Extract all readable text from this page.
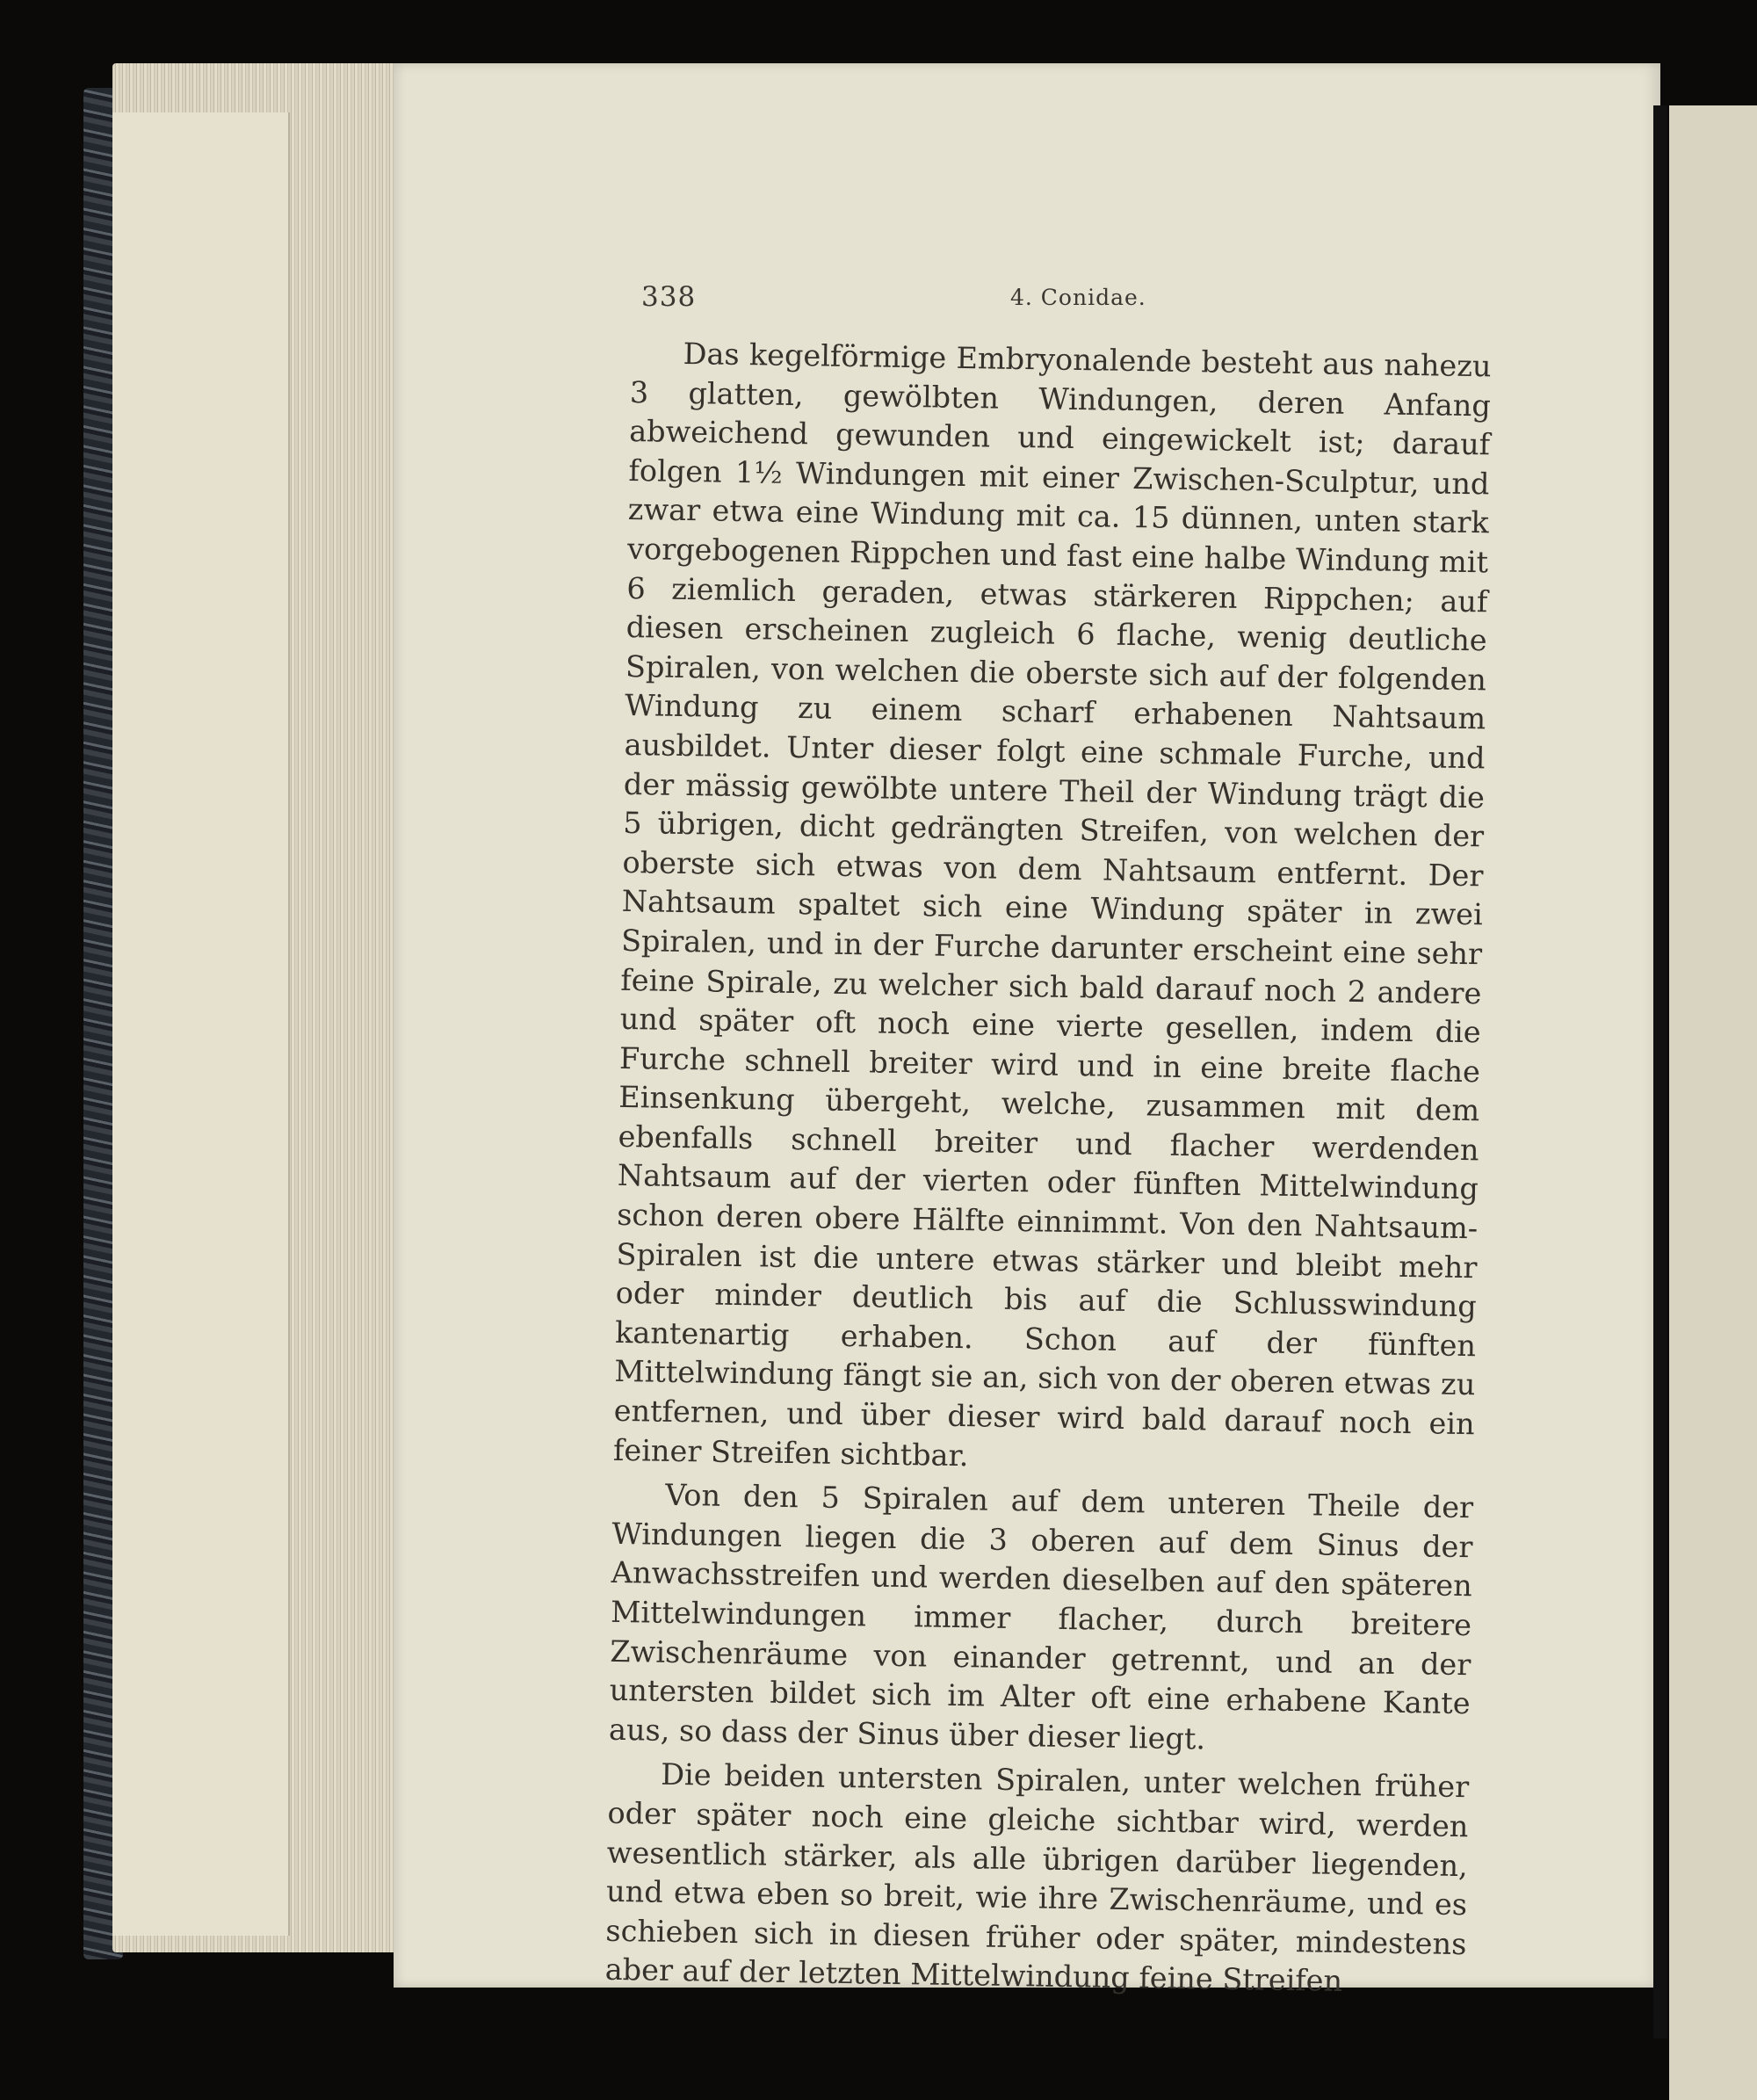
338	4. Conidae.

Das kegelförmige Embryonalende besteht aus nahezu 3 glatten, gewölbten Windungen, deren Anfang abweichend gewunden und eingewickelt ist; darauf folgen 1½ Windungen mit einer Zwischen-Sculptur, und zwar etwa eine Windung mit ca. 15 dünnen, unten stark vorgebogenen Rippchen und fast eine halbe Windung mit 6 ziemlich geraden, etwas stärkeren Rippchen; auf diesen erscheinen zugleich 6 flache, wenig deutliche Spiralen, von welchen die oberste sich auf der folgenden Windung zu einem scharf erhabenen Nahtsaum ausbildet. Unter dieser folgt eine schmale Furche, und der mässig gewölbte untere Theil der Windung trägt die 5 übrigen, dicht gedrängten Streifen, von welchen der oberste sich etwas von dem Nahtsaum entfernt. Der Nahtsaum spaltet sich eine Windung später in zwei Spiralen, und in der Furche darunter erscheint eine sehr feine Spirale, zu welcher sich bald darauf noch 2 andere und später oft noch eine vierte gesellen, indem die Furche schnell breiter wird und in eine breite flache Einsenkung übergeht, welche, zusammen mit dem ebenfalls schnell breiter und flacher werdenden Nahtsaum auf der vierten oder fünften Mittelwindung schon deren obere Hälfte einnimmt. Von den Nahtsaum-Spiralen ist die untere etwas stärker und bleibt mehr oder minder deutlich bis auf die Schlusswindung kantenartig erhaben. Schon auf der fünften Mittelwindung fängt sie an, sich von der oberen etwas zu entfernen, und über dieser wird bald darauf noch ein feiner Streifen sichtbar.

Von den 5 Spiralen auf dem unteren Theile der Windungen liegen die 3 oberen auf dem Sinus der Anwachsstreifen und werden dieselben auf den späteren Mittelwindungen immer flacher, durch breitere Zwischenräume von einander getrennt, und an der untersten bildet sich im Alter oft eine erhabene Kante aus, so dass der Sinus über dieser liegt.

Die beiden untersten Spiralen, unter welchen früher oder später noch eine gleiche sichtbar wird, werden wesentlich stärker, als alle übrigen darüber liegenden, und etwa eben so breit, wie ihre Zwischenräume, und es schieben sich in diesen früher oder später, mindestens aber auf der letzten Mittelwindung feine Streifen
